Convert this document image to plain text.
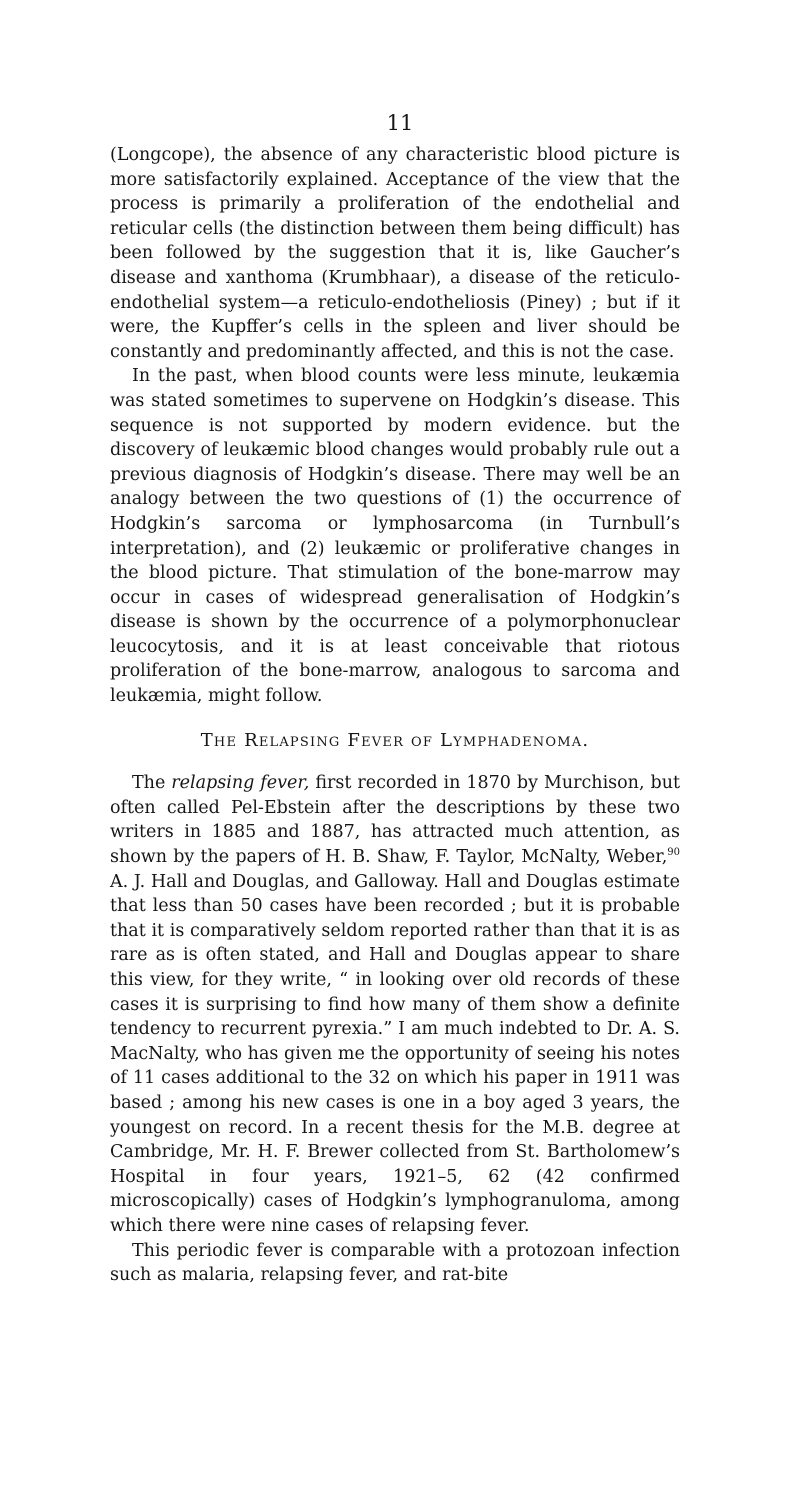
11

(Longcope), the absence of any characteristic blood picture is more satisfactorily explained. Acceptance of the view that the process is primarily a proliferation of the endothelial and reticular cells (the distinction between them being difficult) has been followed by the suggestion that it is, like Gaucher’s disease and xanthoma (Krumbhaar), a disease of the reticulo-endothelial system—a reticulo-endotheliosis (Piney) ; but if it were, the Kupffer’s cells in the spleen and liver should be constantly and predominantly affected, and this is not the case.

In the past, when blood counts were less minute, leukæmia was stated sometimes to supervene on Hodgkin’s disease. This sequence is not supported by modern evidence. but the discovery of leukæmic blood changes would probably rule out a previous diagnosis of Hodgkin’s disease. There may well be an analogy between the two questions of (1) the occurrence of Hodgkin’s sarcoma or lymphosarcoma (in Turnbull’s interpretation), and (2) leukæmic or proliferative changes in the blood picture. That stimulation of the bone-marrow may occur in cases of widespread generalisation of Hodgkin’s disease is shown by the occurrence of a polymorphonuclear leucocytosis, and it is at least conceivable that riotous proliferation of the bone-marrow, analogous to sarcoma and leukæmia, might follow.

The Relapsing Fever of Lymphadenoma.

The relapsing fever, first recorded in 1870 by Murchison, but often called Pel-Ebstein after the descriptions by these two writers in 1885 and 1887, has attracted much attention, as shown by the papers of H. B. Shaw, F. Taylor, McNalty, Weber,$^{90}$ A. J. Hall and Douglas, and Galloway. Hall and Douglas estimate that less than 50 cases have been recorded ; but it is probable that it is comparatively seldom reported rather than that it is as rare as is often stated, and Hall and Douglas appear to share this view, for they write, “ in looking over old records of these cases it is surprising to find how many of them show a definite tendency to recurrent pyrexia.” I am much indebted to Dr. A. S. MacNalty, who has given me the opportunity of seeing his notes of 11 cases additional to the 32 on which his paper in 1911 was based ; among his new cases is one in a boy aged 3 years, the youngest on record. In a recent thesis for the M.B. degree at Cambridge, Mr. H. F. Brewer collected from St. Bartholomew’s Hospital in four years, 1921–5, 62 (42 confirmed microscopically) cases of Hodgkin’s lymphogranuloma, among which there were nine cases of relapsing fever.

This periodic fever is comparable with a protozoan infection such as malaria, relapsing fever, and rat-bite
